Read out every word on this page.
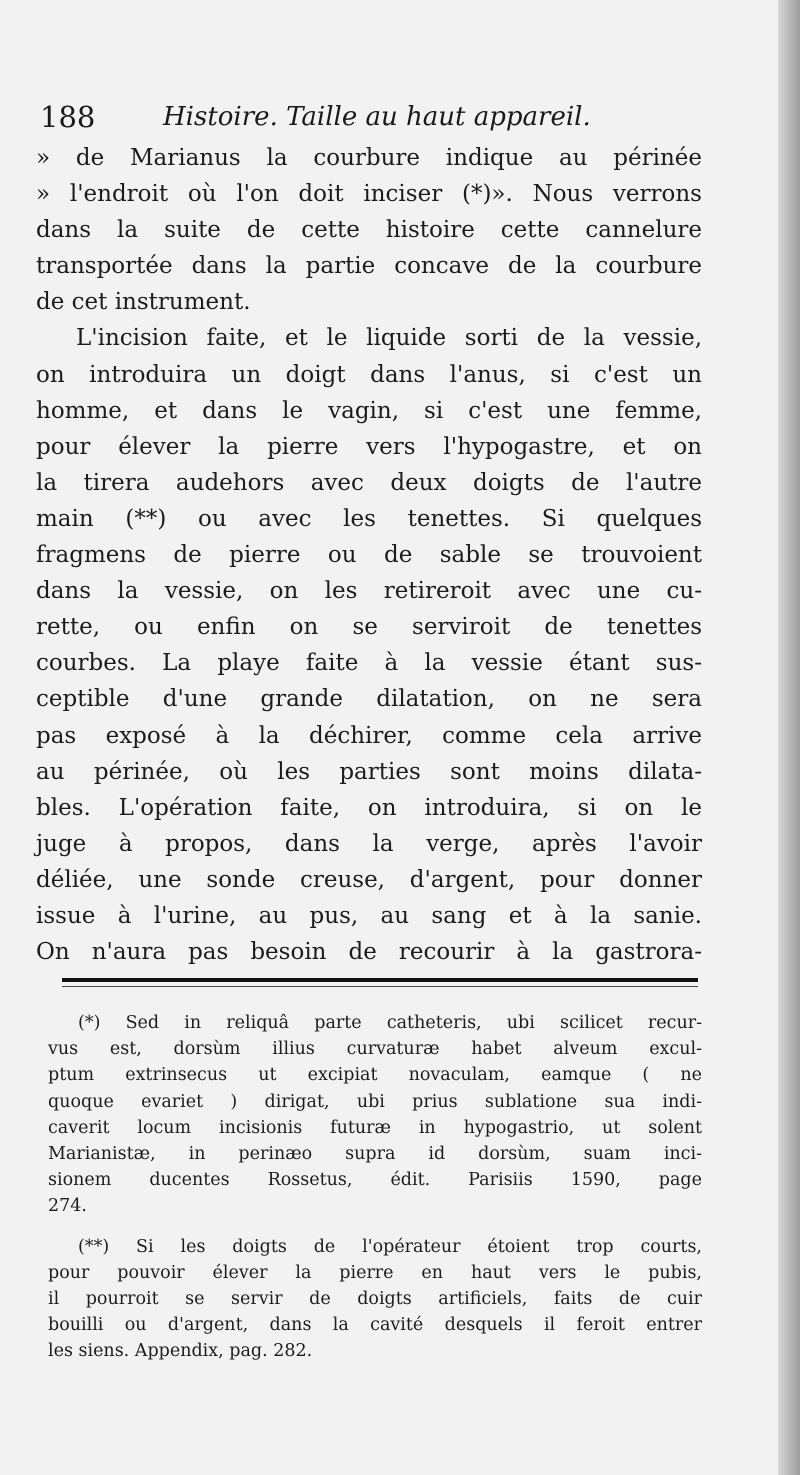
188	Histoire. Taille au haut appareil.
» de Marianus la courbure indique au périnée
» l'endroit où l'on doit inciser (*)». Nous verrons
dans la suite de cette histoire cette cannelure
transportée dans la partie concave de la courbure
de cet instrument.
L'incision faite, et le liquide sorti de la vessie,
on introduira un doigt dans l'anus, si c'est un
homme, et dans le vagin, si c'est une femme,
pour élever la pierre vers l'hypogastre, et on
la tirera audehors avec deux doigts de l'autre
main (**) ou avec les tenettes. Si quelques
fragmens de pierre ou de sable se trouvoient
dans la vessie, on les retireroit avec une cu-
rette, ou enfin on se serviroit de tenettes
courbes. La playe faite à la vessie étant sus-
ceptible d'une grande dilatation, on ne sera
pas exposé à la déchirer, comme cela arrive
au périnée, où les parties sont moins dilata-
bles. L'opération faite, on introduira, si on le
juge à propos, dans la verge, après l'avoir
déliée, une sonde creuse, d'argent, pour donner
issue à l'urine, au pus, au sang et à la sanie.
On n'aura pas besoin de recourir à la gastrora-
(*) Sed in reliquâ parte catheteris, ubi scilicet recur-
vus est, dorsùm illius curvaturæ habet alveum excul-
ptum extrinsecus ut excipiat novaculam, eamque ( ne
quoque evariet ) dirigat, ubi prius sublatione sua indi-
caverit locum incisionis futuræ in hypogastrio, ut solent
Marianistæ, in perinæo supra id dorsùm, suam inci-
sionem ducentes Rossetus, édit. Parisiis 1590, page
274.
(**) Si les doigts de l'opérateur étoient trop courts,
pour pouvoir élever la pierre en haut vers le pubis,
il pourroit se servir de doigts artificiels, faits de cuir
bouilli ou d'argent, dans la cavité desquels il feroit entrer
les siens. Appendix, pag. 282.
